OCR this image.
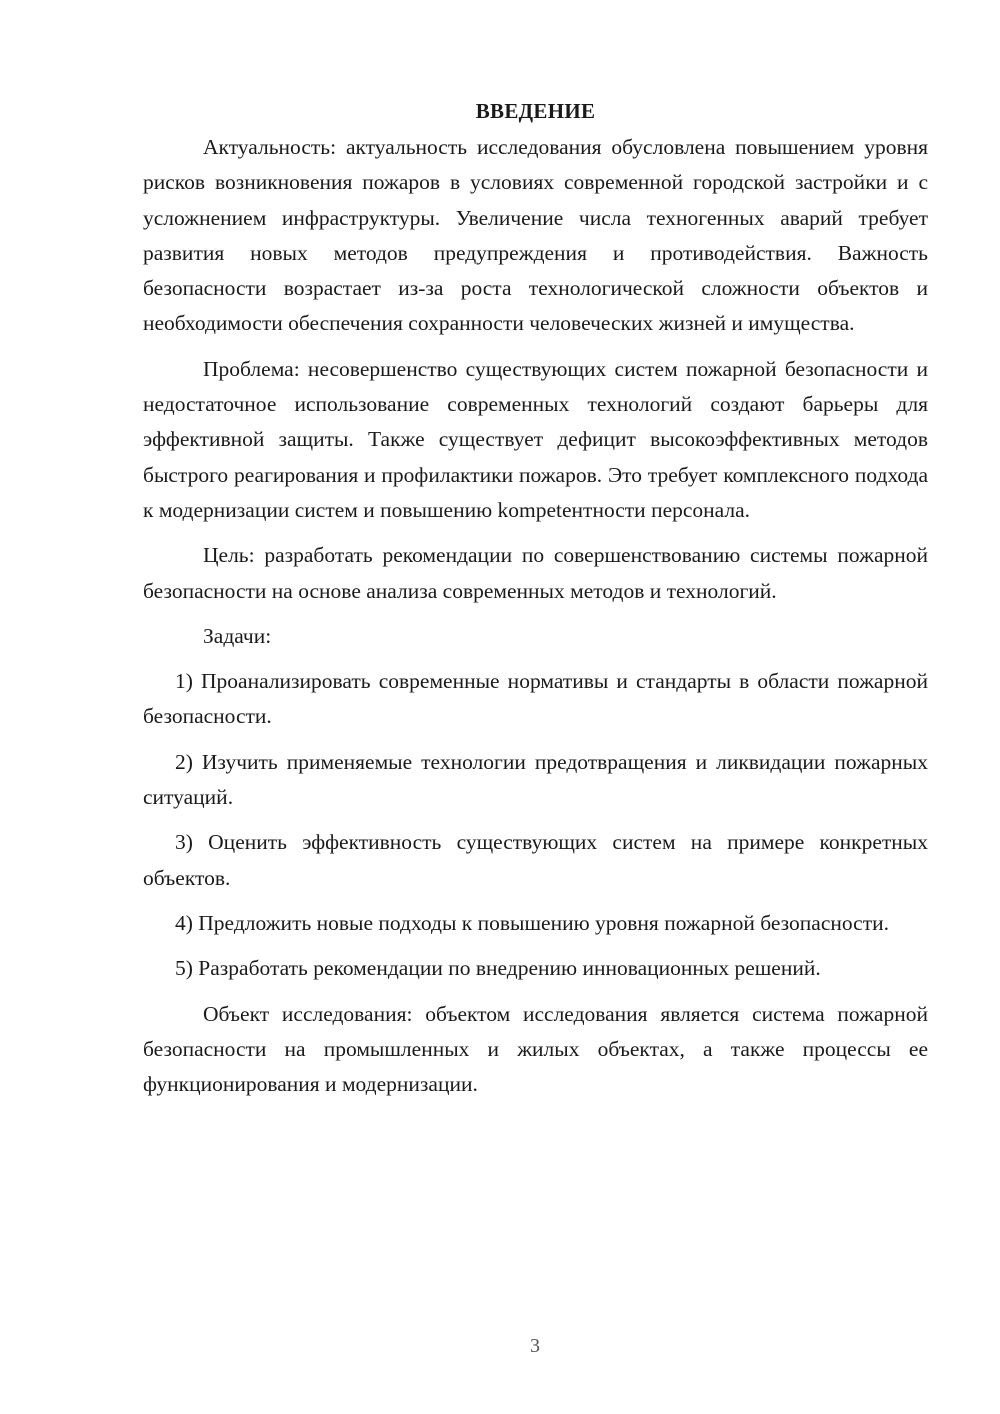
ВВЕДЕНИЕ

Актуальность: актуальность исследования обусловлена повышением уровня рисков возникновения пожаров в условиях современной городской застройки и с усложнением инфраструктуры. Увеличение числа техногенных аварий требует развития новых методов предупреждения и противодействия. Важность безопасности возрастает из-за роста технологической сложности объектов и необходимости обеспечения сохранности человеческих жизней и имущества.

Проблема: несовершенство существующих систем пожарной безопасности и недостаточное использование современных технологий создают барьеры для эффективной защиты. Также существует дефицит высокоэффективных методов быстрого реагирования и профилактики пожаров. Это требует комплексного подхода к модернизации систем и повышению kompetентности персонала.

Цель: разработать рекомендации по совершенствованию системы пожарной безопасности на основе анализа современных методов и технологий.

Задачи:

1) Проанализировать современные нормативы и стандарты в области пожарной безопасности.

2) Изучить применяемые технологии предотвращения и ликвидации пожарных ситуаций.

3) Оценить эффективность существующих систем на примере конкретных объектов.

4) Предложить новые подходы к повышению уровня пожарной безопасности.

5) Разработать рекомендации по внедрению инновационных решений.

Объект исследования: объектом исследования является система пожарной безопасности на промышленных и жилых объектах, а также процессы ее функционирования и модернизации.

3
